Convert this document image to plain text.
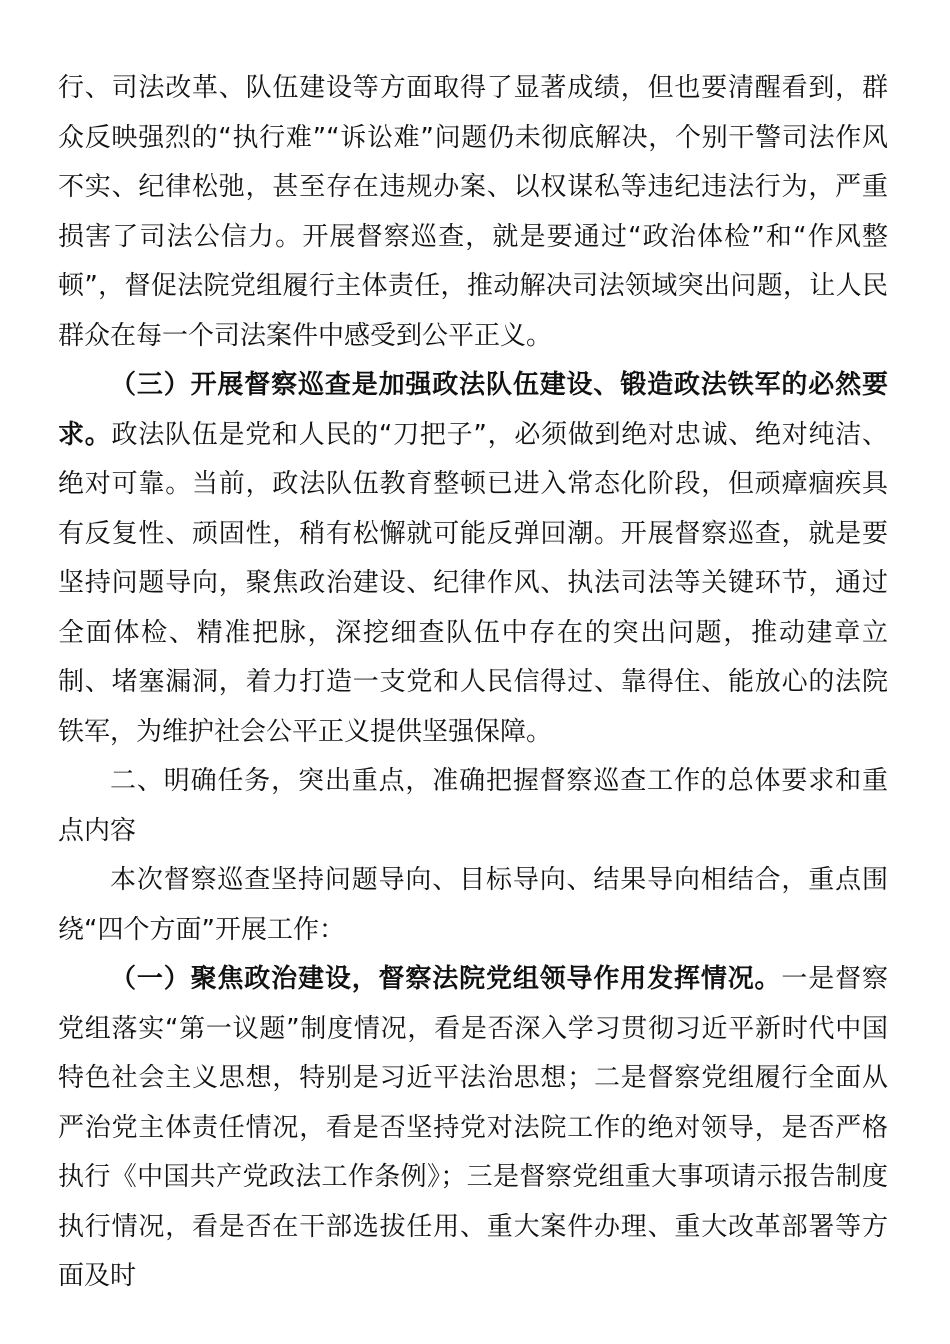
行、司法改革、队伍建设等方面取得了显著成绩，但也要清醒看到，群众反映强烈的“执行难”“诉讼难”问题仍未彻底解决，个别干警司法作风不实、纪律松弛，甚至存在违规办案、以权谋私等违纪违法行为，严重损害了司法公信力。开展督察巡查，就是要通过“政治体检”和“作风整顿”，督促法院党组履行主体责任，推动解决司法领域突出问题，让人民群众在每一个司法案件中感受到公平正义。

（三）开展督察巡查是加强政法队伍建设、锻造政法铁军的必然要求。政法队伍是党和人民的“刀把子”，必须做到绝对忠诚、绝对纯洁、绝对可靠。当前，政法队伍教育整顿已进入常态化阶段，但顽瘴痼疾具有反复性、顽固性，稍有松懈就可能反弹回潮。开展督察巡查，就是要坚持问题导向，聚焦政治建设、纪律作风、执法司法等关键环节，通过全面体检、精准把脉，深挖细查队伍中存在的突出问题，推动建章立制、堵塞漏洞，着力打造一支党和人民信得过、靠得住、能放心的法院铁军，为维护社会公平正义提供坚强保障。

二、明确任务，突出重点，准确把握督察巡查工作的总体要求和重点内容

本次督察巡查坚持问题导向、目标导向、结果导向相结合，重点围绕“四个方面”开展工作：

（一）聚焦政治建设，督察法院党组领导作用发挥情况。一是督察党组落实“第一议题”制度情况，看是否深入学习贯彻习近平新时代中国特色社会主义思想，特别是习近平法治思想；二是督察党组履行全面从严治党主体责任情况，看是否坚持党对法院工作的绝对领导，是否严格执行《中国共产党政法工作条例》；三是督察党组重大事项请示报告制度执行情况，看是否在干部选拔任用、重大案件办理、重大改革部署等方面及时
